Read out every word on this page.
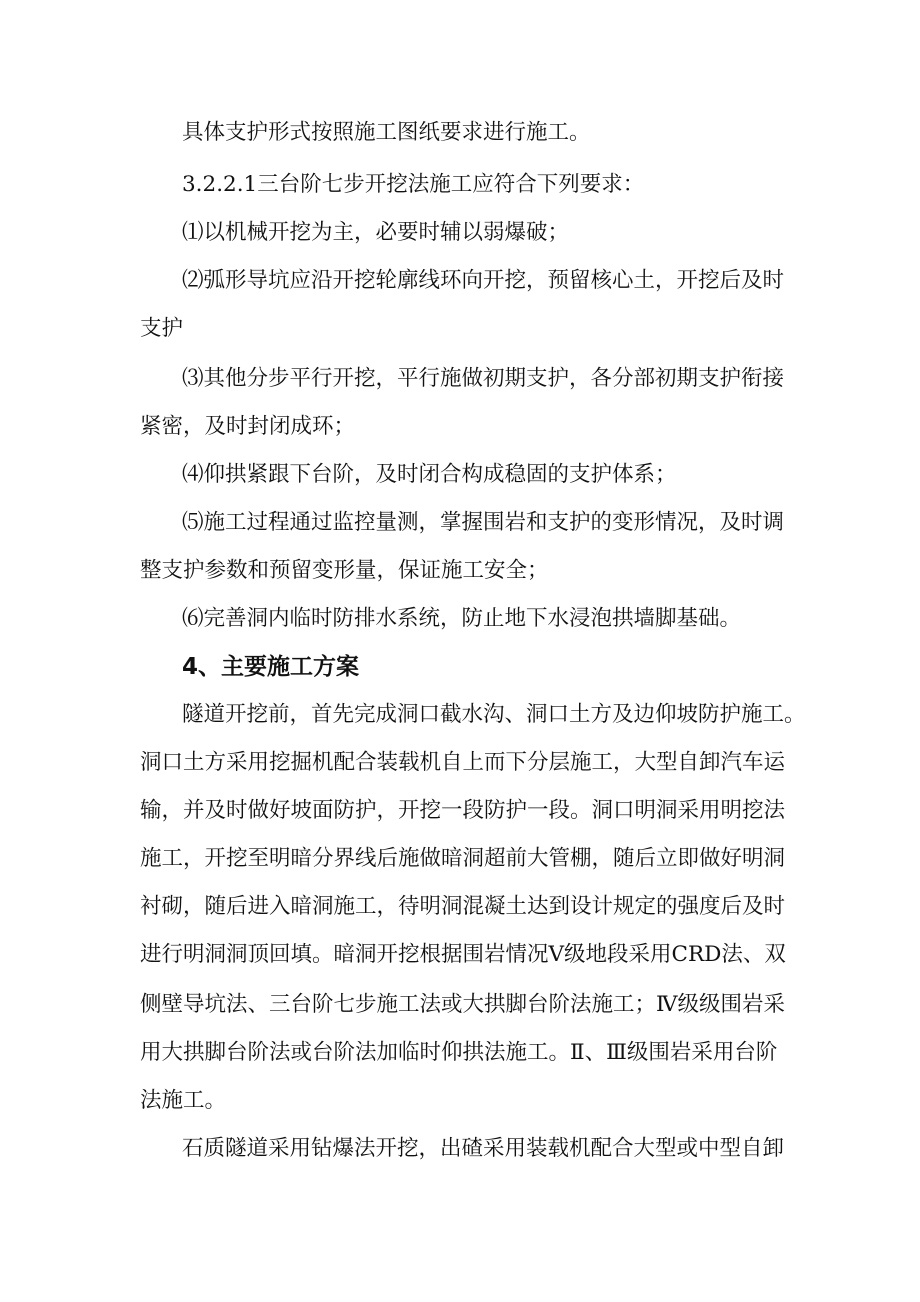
具体支护形式按照施工图纸要求进行施工。

3.2.2.1三台阶七步开挖法施工应符合下列要求：

⑴以机械开挖为主，必要时辅以弱爆破；

⑵弧形导坑应沿开挖轮廓线环向开挖，预留核心土，开挖后及时

支护

⑶其他分步平行开挖，平行施做初期支护，各分部初期支护衔接

紧密，及时封闭成环；

⑷仰拱紧跟下台阶，及时闭合构成稳固的支护体系；

⑸施工过程通过监控量测，掌握围岩和支护的变形情况，及时调

整支护参数和预留变形量，保证施工安全；

⑹完善洞内临时防排水系统，防止地下水浸泡拱墙脚基础。

4、主要施工方案

隧道开挖前，首先完成洞口截水沟、洞口土方及边仰坡防护施工。

洞口土方采用挖掘机配合装载机自上而下分层施工，大型自卸汽车运

输，并及时做好坡面防护，开挖一段防护一段。洞口明洞采用明挖法

施工，开挖至明暗分界线后施做暗洞超前大管棚，随后立即做好明洞

衬砌，随后进入暗洞施工，待明洞混凝土达到设计规定的强度后及时

进行明洞洞顶回填。暗洞开挖根据围岩情况Ⅴ级地段采用CRD法、双

侧壁导坑法、三台阶七步施工法或大拱脚台阶法施工；Ⅳ级级围岩采

用大拱脚台阶法或台阶法加临时仰拱法施工。Ⅱ、Ⅲ级围岩采用台阶

法施工。

石质隧道采用钻爆法开挖，出碴采用装载机配合大型或中型自卸
